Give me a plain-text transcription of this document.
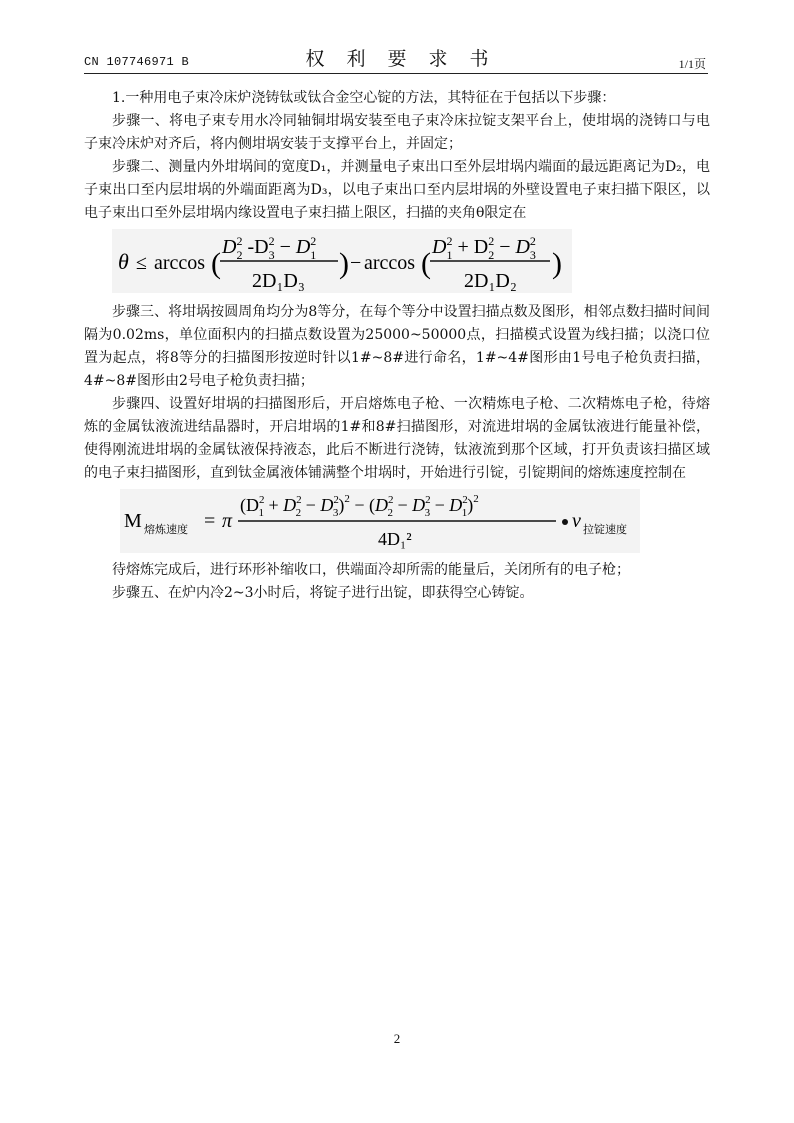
CN 107746971 B	权利要求书	1/1页

1.一种用电子束冷床炉浇铸钛或钛合金空心锭的方法，其特征在于包括以下步骤：

步骤一、将电子束专用水冷同轴铜坩埚安装至电子束冷床拉锭支架平台上，使坩埚的浇铸口与电子束冷床炉对齐后，将内侧坩埚安装于支撑平台上，并固定；

步骤二、测量内外坩埚间的宽度D₁，并测量电子束出口至外层坩埚内端面的最远距离记为D₂，电子束出口至内层坩埚的外端面距离为D₃，以电子束出口至内层坩埚的外壁设置电子束扫描下限区，以电子束出口至外层坩埚内缘设置电子束扫描上限区，扫描的夹角θ限定在

θ ≤ arccos ( $D^2$ 2 $-D^2$ $3 - D^2$ 1
2D₁D₃
) − arccos ( $D^2$ $1 + D^2$ $2 - D^2$ 3
2D₁D₂
)

步骤三、将坩埚按圆周角均分为8等分，在每个等分中设置扫描点数及图形，相邻点数扫描时间间隔为0.02ms，单位面积内的扫描点数设置为25000~50000点，扫描模式设置为线扫描；以浇口位置为起点，将8等分的扫描图形按逆时针以1#~8#进行命名，1#~4#图形由1号电子枪负责扫描，4#~8#图形由2号电子枪负责扫描；

步骤四、设置好坩埚的扫描图形后，开启熔炼电子枪、一次精炼电子枪、二次精炼电子枪，待熔炼的金属钛液流进结晶器时，开启坩埚的1#和8#扫描图形，对流进坩埚的金属钛液进行能量补偿，使得刚流进坩埚的金属钛液保持液态，此后不断进行浇铸，钛液流到那个区域，打开负责该扫描区域的电子束扫描图形，直到钛金属液体铺满整个坩埚时，开始进行引锭，引锭期间的熔炼速度控制在

M 熔炼速度 = π
($D^2$ $1 + D^2$ $2 - D^2$ $3)^2 - (D^2$ $2 - D^2$ $3 - D^2$ 1)$^2$
4D₁²
ν 拉锭速度

待熔炼完成后，进行环形补缩收口，供端面冷却所需的能量后，关闭所有的电子枪；

步骤五、在炉内冷2~3小时后，将锭子进行出锭，即获得空心铸锭。

2
